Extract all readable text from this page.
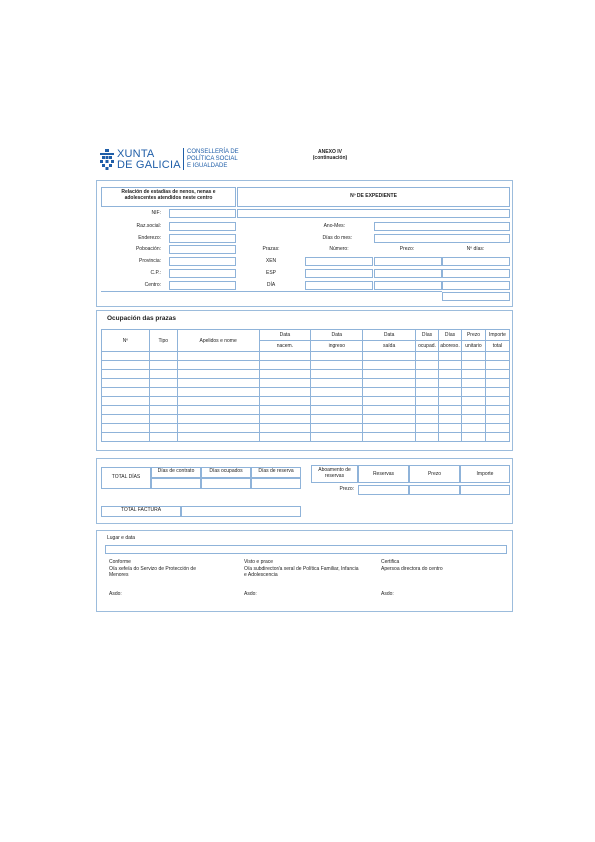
XUNTA
DE GALICIA
CONSELLERÍA DE
POLÍTICA SOCIAL
E IGUALDADE
ANEXO IV
(continuación)
Relación de estadías de nenos, nenas e adolescentes atendidos neste centro	Nº DE EXPEDIENTE
NIF:
Raz.social:	Ano-Mes:
Enderezo:	Días do mes:
Poboación:	Prazas:	Número:	Prezo:	Nº días:
Provincia:	XEN
C.P.:	ESP
Centro:	DÍA
Ocupación das prazas
Nº	Tipo	Apelidos e nome	Data	Data	Data	Días	Días	Prezo	Importe
			nacem.	ingreso	saída	ocupad.	aboreso.	unitario	total

TOTAL DÍAS
Días de contrato	Días ocupados	Días de reserva	Aboamento de reservas	Reservas	Prezo	Importe
Prezo:
TOTAL FACTURA
Lugar e data
Conforme
O/a xefe/a do Servizo de Protección de Menores
Asdo:
Visto e prace
O/a subdirector/a xeral de Política Familiar, Infancia e Adolescencia
Asdo:
Certifica
Apersoa directora do centro
Asdo:
